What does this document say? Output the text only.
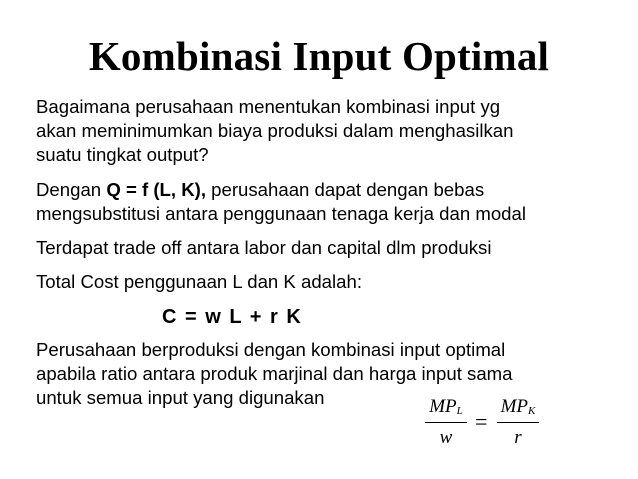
Kombinasi Input Optimal
Bagaimana perusahaan menentukan kombinasi input yg
akan meminimumkan biaya produksi dalam menghasilkan
suatu tingkat output?
Dengan Q = f (L, K), perusahaan dapat dengan bebas
mengsubstitusi antara penggunaan tenaga kerja dan modal
Terdapat trade off antara labor dan capital dlm produksi
Total Cost penggunaan L dan K adalah:
C = w L + r K
Perusahaan berproduksi dengan kombinasi input optimal
apabila ratio antara produk marjinal dan harga input sama
untuk semua input yang digunakan	$MP_L$
w
=
$MP_K$
r
